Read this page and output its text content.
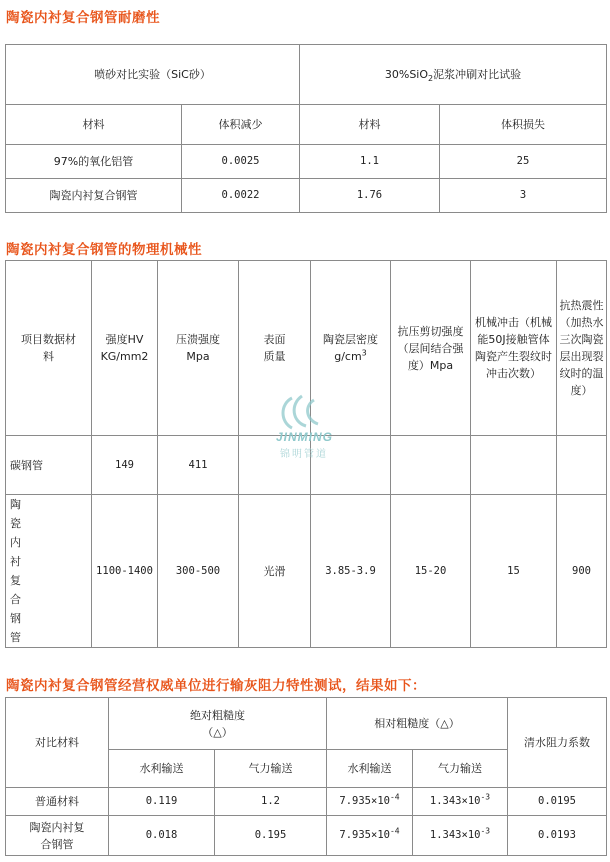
陶瓷内衬复合钢管耐磨性
喷砂对比实验（SiC砂）		30%SiO$_2$泥浆冲刷对比试验	
材料	体积减少	材料	体积损失
97%的氧化铝管	0.0025	1.1	25
陶瓷内衬复合钢管	0.0022	1.76	3
陶瓷内衬复合钢管的物理机械性
项目数据材料	强度HV KG/mm2	压溃强度 Mpa	表面质量	陶瓷层密度 $g/cm^3$	抗压剪切强度（层间结合强度）Mpa	机械冲击（机械能50J接触管体陶瓷产生裂纹时冲击次数）	抗热震性（加热水三次陶瓷层出现裂纹时的温度）
碳钢管	149	411					

陶瓷内衬复合钢管	1100-1400	300-500	光滑	3.85-3.9	15-20	15	900
JINMING
锦明管道
陶瓷内衬复合钢管经营权威单位进行输灰阻力特性测试，结果如下：
对比材料	绝对粗糙度（△）		相对粗糙度（△）		清水阻力系数
	水利输送	气力输送	水利输送	气力输送	
普通材料	0.119	1.2	$7.935\times 10^{-4}$	$1.343\times 10^{-3}$	0.0195
陶瓷内衬复合钢管	0.018	0.195	$7.935\times 10^{-4}$	$1.343\times 10^{-3}$	0.0193
